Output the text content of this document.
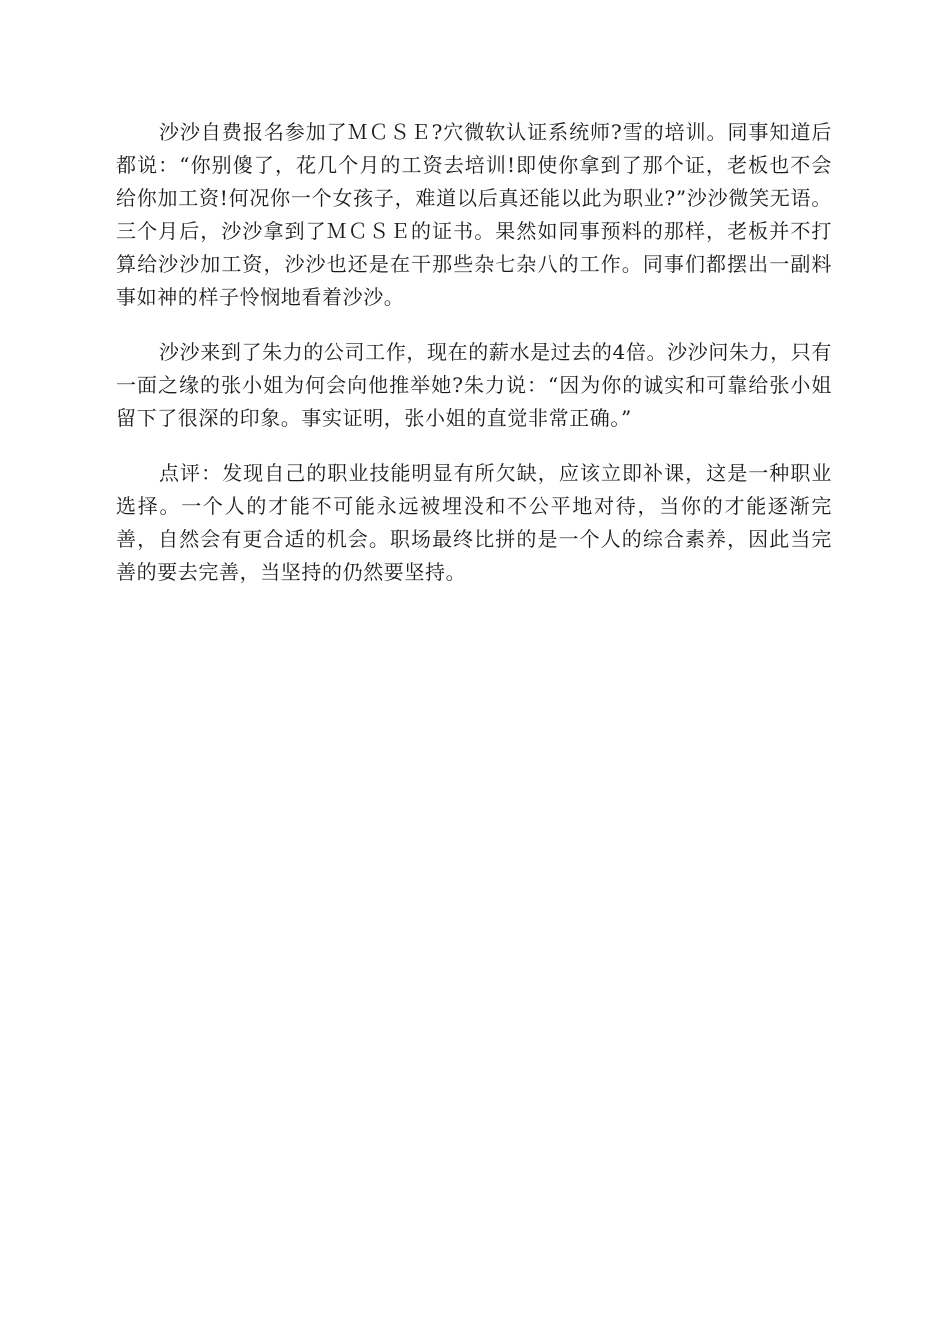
沙沙自费报名参加了ＭＣＳＥ?穴微软认证系统师?雪的培训。同事知道后都说：“你别傻了，花几个月的工资去培训!即使你拿到了那个证，老板也不会给你加工资!何况你一个女孩子，难道以后真还能以此为职业?”沙沙微笑无语。三个月后，沙沙拿到了ＭＣＳＥ的证书。果然如同事预料的那样，老板并不打算给沙沙加工资，沙沙也还是在干那些杂七杂八的工作。同事们都摆出一副料事如神的样子怜悯地看着沙沙。

沙沙来到了朱力的公司工作，现在的薪水是过去的4倍。沙沙问朱力，只有一面之缘的张小姐为何会向他推举她?朱力说：“因为你的诚实和可靠给张小姐留下了很深的印象。事实证明，张小姐的直觉非常正确。”

点评：发现自己的职业技能明显有所欠缺，应该立即补课，这是一种职业选择。一个人的才能不可能永远被埋没和不公平地对待，当你的才能逐渐完善，自然会有更合适的机会。职场最终比拼的是一个人的综合素养，因此当完善的要去完善，当坚持的仍然要坚持。
